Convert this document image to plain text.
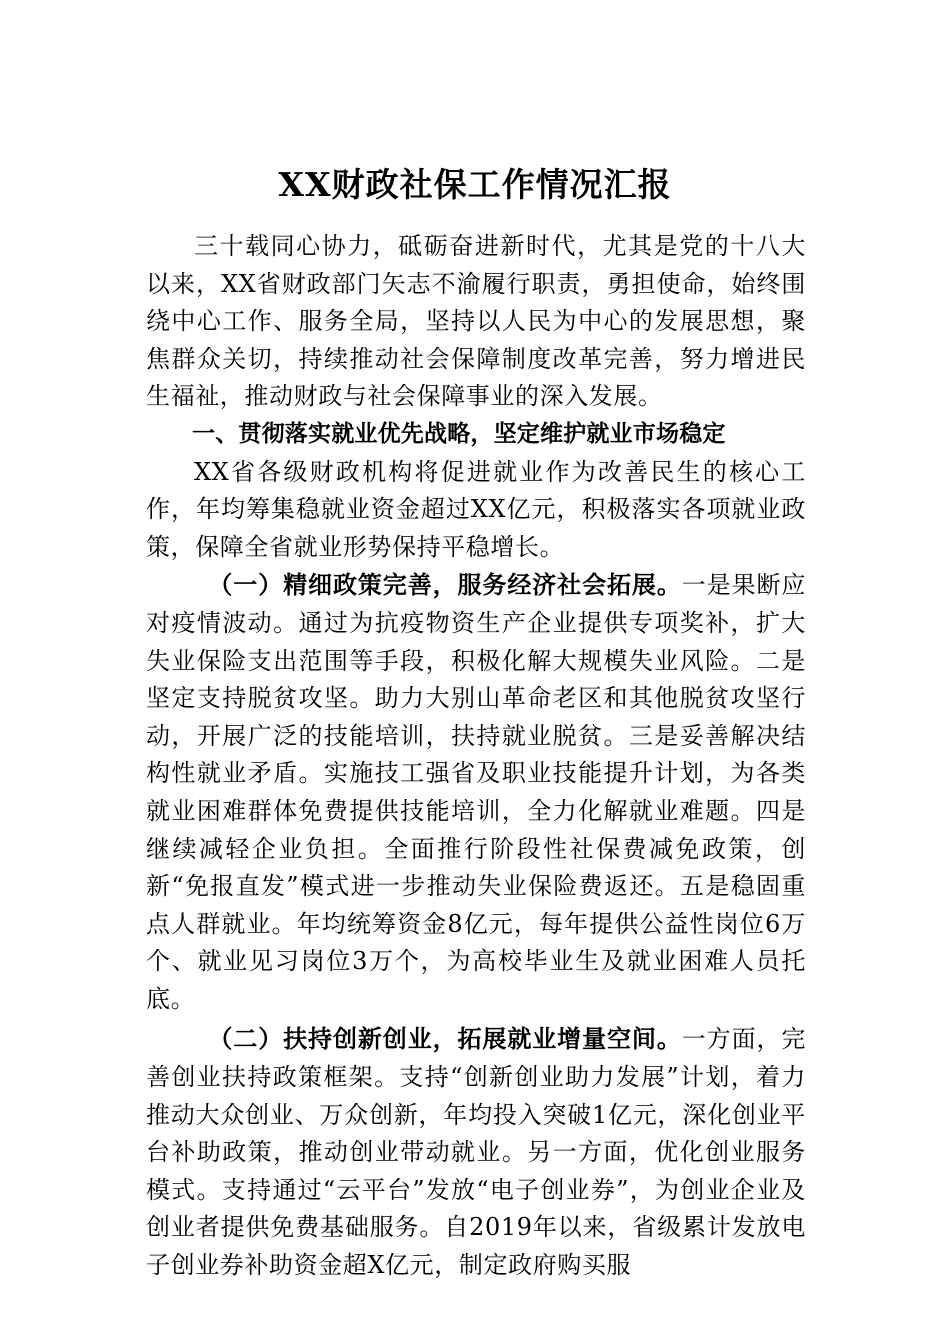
XX财政社保工作情况汇报

三十载同心协力，砥砺奋进新时代，尤其是党的十八大以来，XX省财政部门矢志不渝履行职责，勇担使命，始终围绕中心工作、服务全局，坚持以人民为中心的发展思想，聚焦群众关切，持续推动社会保障制度改革完善，努力增进民生福祉，推动财政与社会保障事业的深入发展。

一、贯彻落实就业优先战略，坚定维护就业市场稳定

XX省各级财政机构将促进就业作为改善民生的核心工作，年均筹集稳就业资金超过XX亿元，积极落实各项就业政策，保障全省就业形势保持平稳增长。

（一）精细政策完善，服务经济社会拓展。一是果断应对疫情波动。通过为抗疫物资生产企业提供专项奖补，扩大失业保险支出范围等手段，积极化解大规模失业风险。二是坚定支持脱贫攻坚。助力大别山革命老区和其他脱贫攻坚行动，开展广泛的技能培训，扶持就业脱贫。三是妥善解决结构性就业矛盾。实施技工强省及职业技能提升计划，为各类就业困难群体免费提供技能培训，全力化解就业难题。四是继续减轻企业负担。全面推行阶段性社保费减免政策，创新“免报直发”模式进一步推动失业保险费返还。五是稳固重点人群就业。年均统筹资金8亿元，每年提供公益性岗位6万个、就业见习岗位3万个，为高校毕业生及就业困难人员托底。

（二）扶持创新创业，拓展就业增量空间。一方面，完善创业扶持政策框架。支持“创新创业助力发展”计划，着力推动大众创业、万众创新，年均投入突破1亿元，深化创业平台补助政策，推动创业带动就业。另一方面，优化创业服务模式。支持通过“云平台”发放“电子创业券”，为创业企业及创业者提供免费基础服务。自2019年以来，省级累计发放电子创业券补助资金超X亿元，制定政府购买服
